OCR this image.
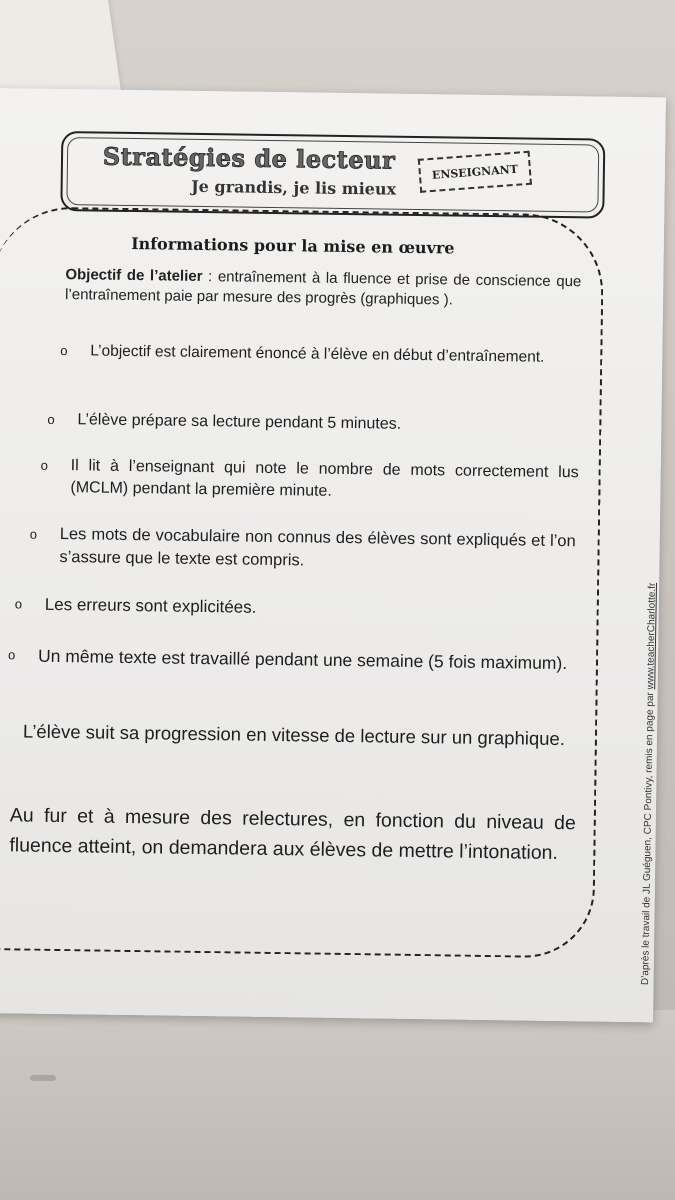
Stratégies de lecteur
Je grandis, je lis mieux
ENSEIGNANT
Informations pour la mise en œuvre
Objectif de l’atelier : entraînement à la fluence et prise de conscience que l’entraînement paie par mesure des progrès (graphiques ).
o L’objectif est clairement énoncé à l’élève en début d’entraînement.
o L’élève prépare sa lecture pendant 5 minutes.
o Il lit à l’enseignant qui note le nombre de mots correctement lus (MCLM) pendant la première minute.
o Les mots de vocabulaire non connus des élèves sont expliqués et l’on s’assure que le texte est compris.
o Les erreurs sont explicitées.
o Un même texte est travaillé pendant une semaine (5 fois maximum).
L’élève suit sa progression en vitesse de lecture sur un graphique.
Au fur et à mesure des relectures, en fonction du niveau de fluence atteint, on demandera aux élèves de mettre l’intonation.	D’après le travail de JL Guéguen, CPC Pontivy, remis en page par www.teacherCharlotte.fr
